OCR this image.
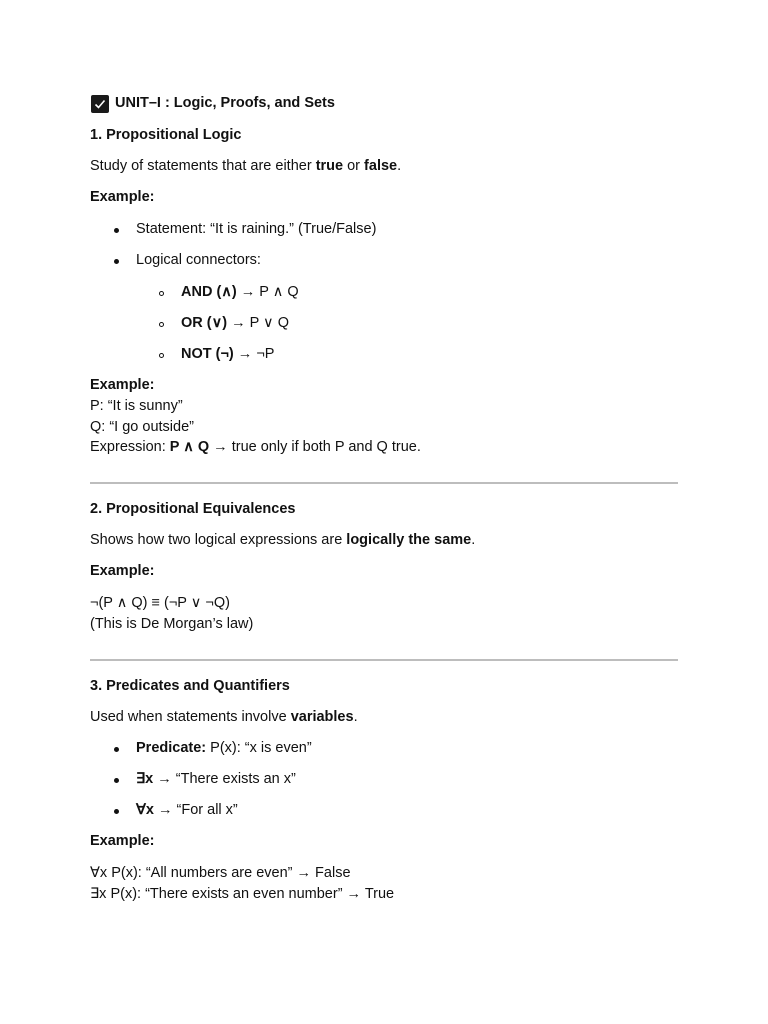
UNIT–I : Logic, Proofs, and Sets
1. Propositional Logic
Study of statements that are either true or false.
Example:
Statement: “It is raining.” (True/False)
Logical connectors:
AND (∧) → P ∧ Q
OR (∨) → P ∨ Q
NOT (¬) → ¬P
Example:
P: “It is sunny”
Q: “I go outside”
Expression: P ∧ Q → true only if both P and Q true.
2. Propositional Equivalences
Shows how two logical expressions are logically the same.
Example:
¬(P ∧ Q) ≡ (¬P ∨ ¬Q)
(This is De Morgan’s law)
3. Predicates and Quantifiers
Used when statements involve variables.
Predicate: P(x): “x is even”
∃x → “There exists an x”
∀x → “For all x”
Example:
∀x P(x): “All numbers are even” → False
∃x P(x): “There exists an even number” → True
